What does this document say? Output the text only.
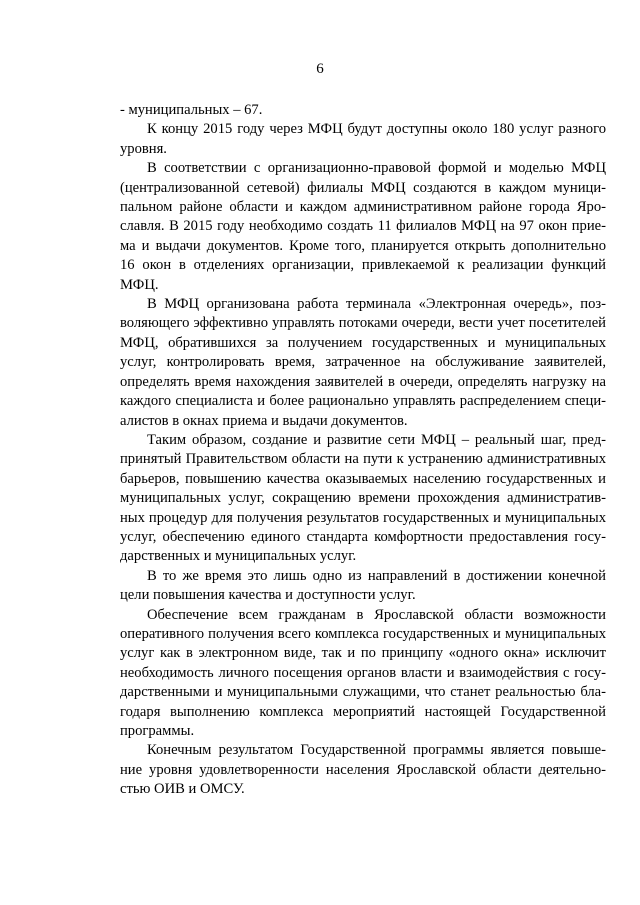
6
- муниципальных – 67.
К концу 2015 году через МФЦ будут доступны около 180 услуг разного
уровня.
В соответствии с организационно-правовой формой и моделью МФЦ
(централизованной сетевой) филиалы МФЦ создаются в каждом муници-
пальном районе области и каждом административном районе города Яро-
славля. В 2015 году необходимо создать 11 филиалов МФЦ на 97 окон прие-
ма и выдачи документов. Кроме того, планируется открыть дополнительно
16 окон в отделениях организации, привлекаемой к реализации функций
МФЦ.
В МФЦ организована работа терминала «Электронная очередь», поз-
воляющего эффективно управлять потоками очереди, вести учет посетителей
МФЦ, обратившихся за получением государственных и муниципальных
услуг, контролировать время, затраченное на обслуживание заявителей,
определять время нахождения заявителей в очереди, определять нагрузку на
каждого специалиста и более рационально управлять распределением специ-
алистов в окнах приема и выдачи документов.
Таким образом, создание и развитие сети МФЦ – реальный шаг, пред-
принятый Правительством области на пути к устранению административных
барьеров, повышению качества оказываемых населению государственных и
муниципальных услуг, сокращению времени прохождения административ-
ных процедур для получения результатов государственных и муниципальных
услуг, обеспечению единого стандарта комфортности предоставления госу-
дарственных и муниципальных услуг.
В то же время это лишь одно из направлений в достижении конечной
цели повышения качества и доступности услуг.
Обеспечение всем гражданам в Ярославской области возможности
оперативного получения всего комплекса государственных и муниципальных
услуг как в электронном виде, так и по принципу «одного окна» исключит
необходимость личного посещения органов власти и взаимодействия с госу-
дарственными и муниципальными служащими, что станет реальностью бла-
годаря выполнению комплекса мероприятий настоящей Государственной
программы.
Конечным результатом Государственной программы является повыше-
ние уровня удовлетворенности населения Ярославской области деятельно-
стью ОИВ и ОМСУ.
